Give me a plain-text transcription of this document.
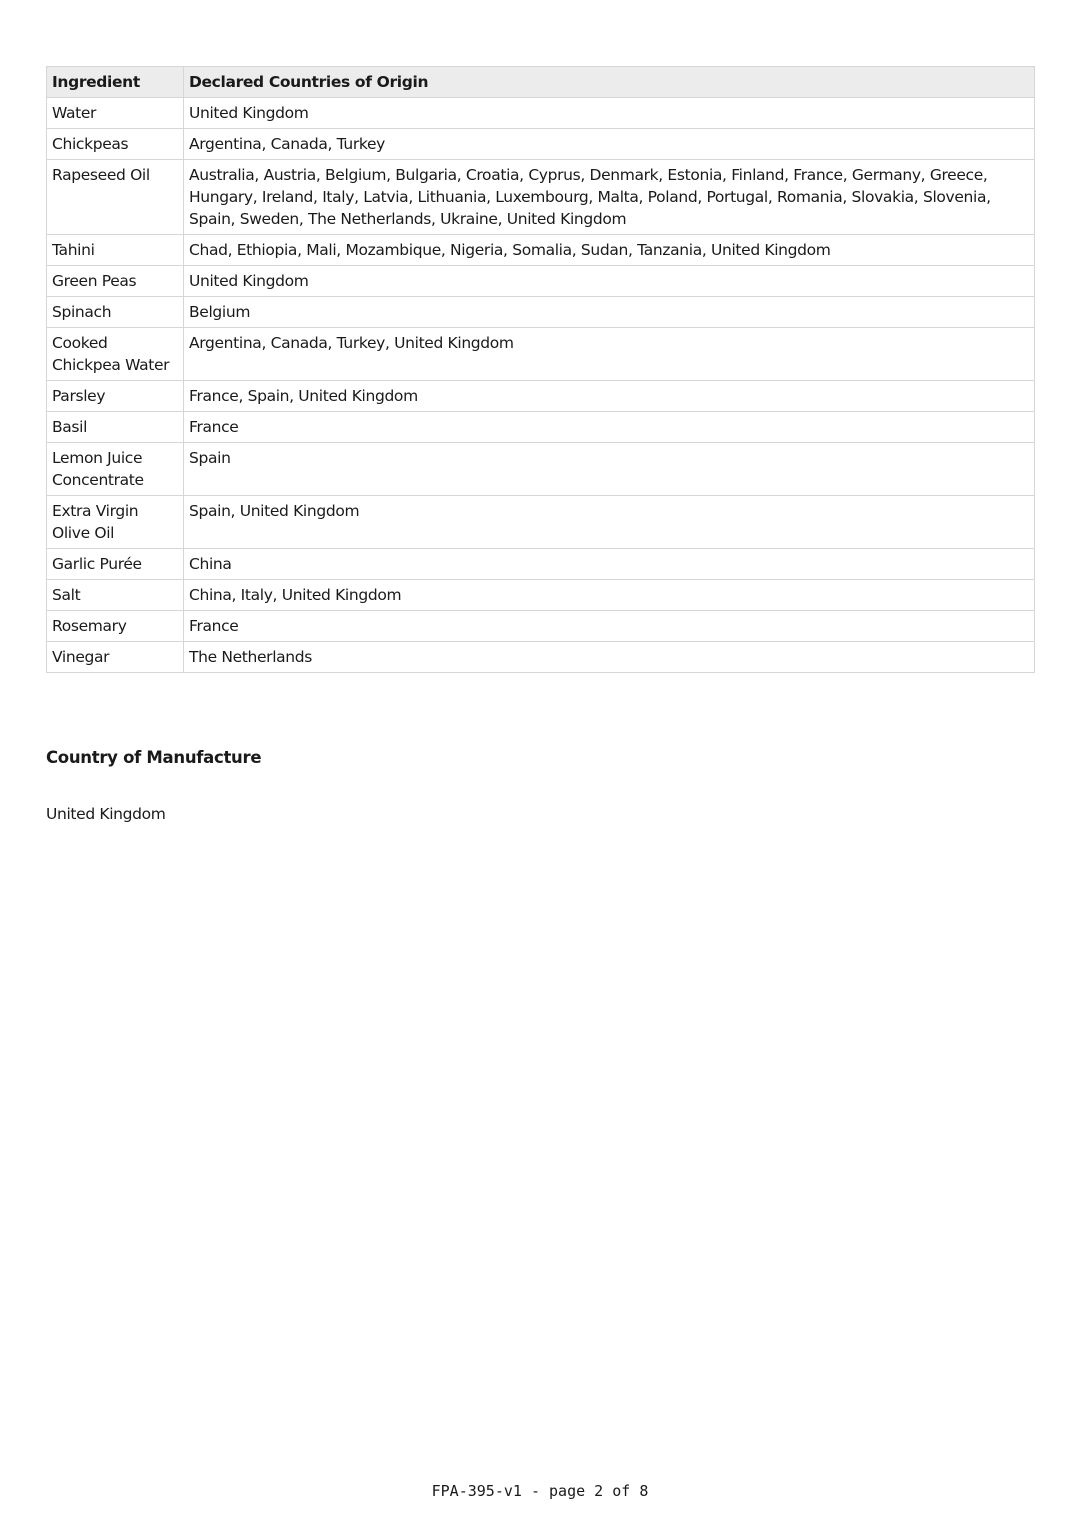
Ingredient	Declared Countries of Origin
Water	United Kingdom
Chickpeas	Argentina, Canada, Turkey
Rapeseed Oil	Australia, Austria, Belgium, Bulgaria, Croatia, Cyprus, Denmark, Estonia, Finland, France, Germany, Greece, Hungary, Ireland, Italy, Latvia, Lithuania, Luxembourg, Malta, Poland, Portugal, Romania, Slovakia, Slovenia, Spain, Sweden, The Netherlands, Ukraine, United Kingdom
Tahini	Chad, Ethiopia, Mali, Mozambique, Nigeria, Somalia, Sudan, Tanzania, United Kingdom
Green Peas	United Kingdom
Spinach	Belgium
Cooked Chickpea Water	Argentina, Canada, Turkey, United Kingdom
Parsley	France, Spain, United Kingdom
Basil	France
Lemon Juice Concentrate	Spain
Extra Virgin Olive Oil	Spain, United Kingdom
Garlic Purée	China
Salt	China, Italy, United Kingdom
Rosemary	France
Vinegar	The Netherlands
Country of Manufacture

United Kingdom

FPA-395-v1 - page 2 of 8
